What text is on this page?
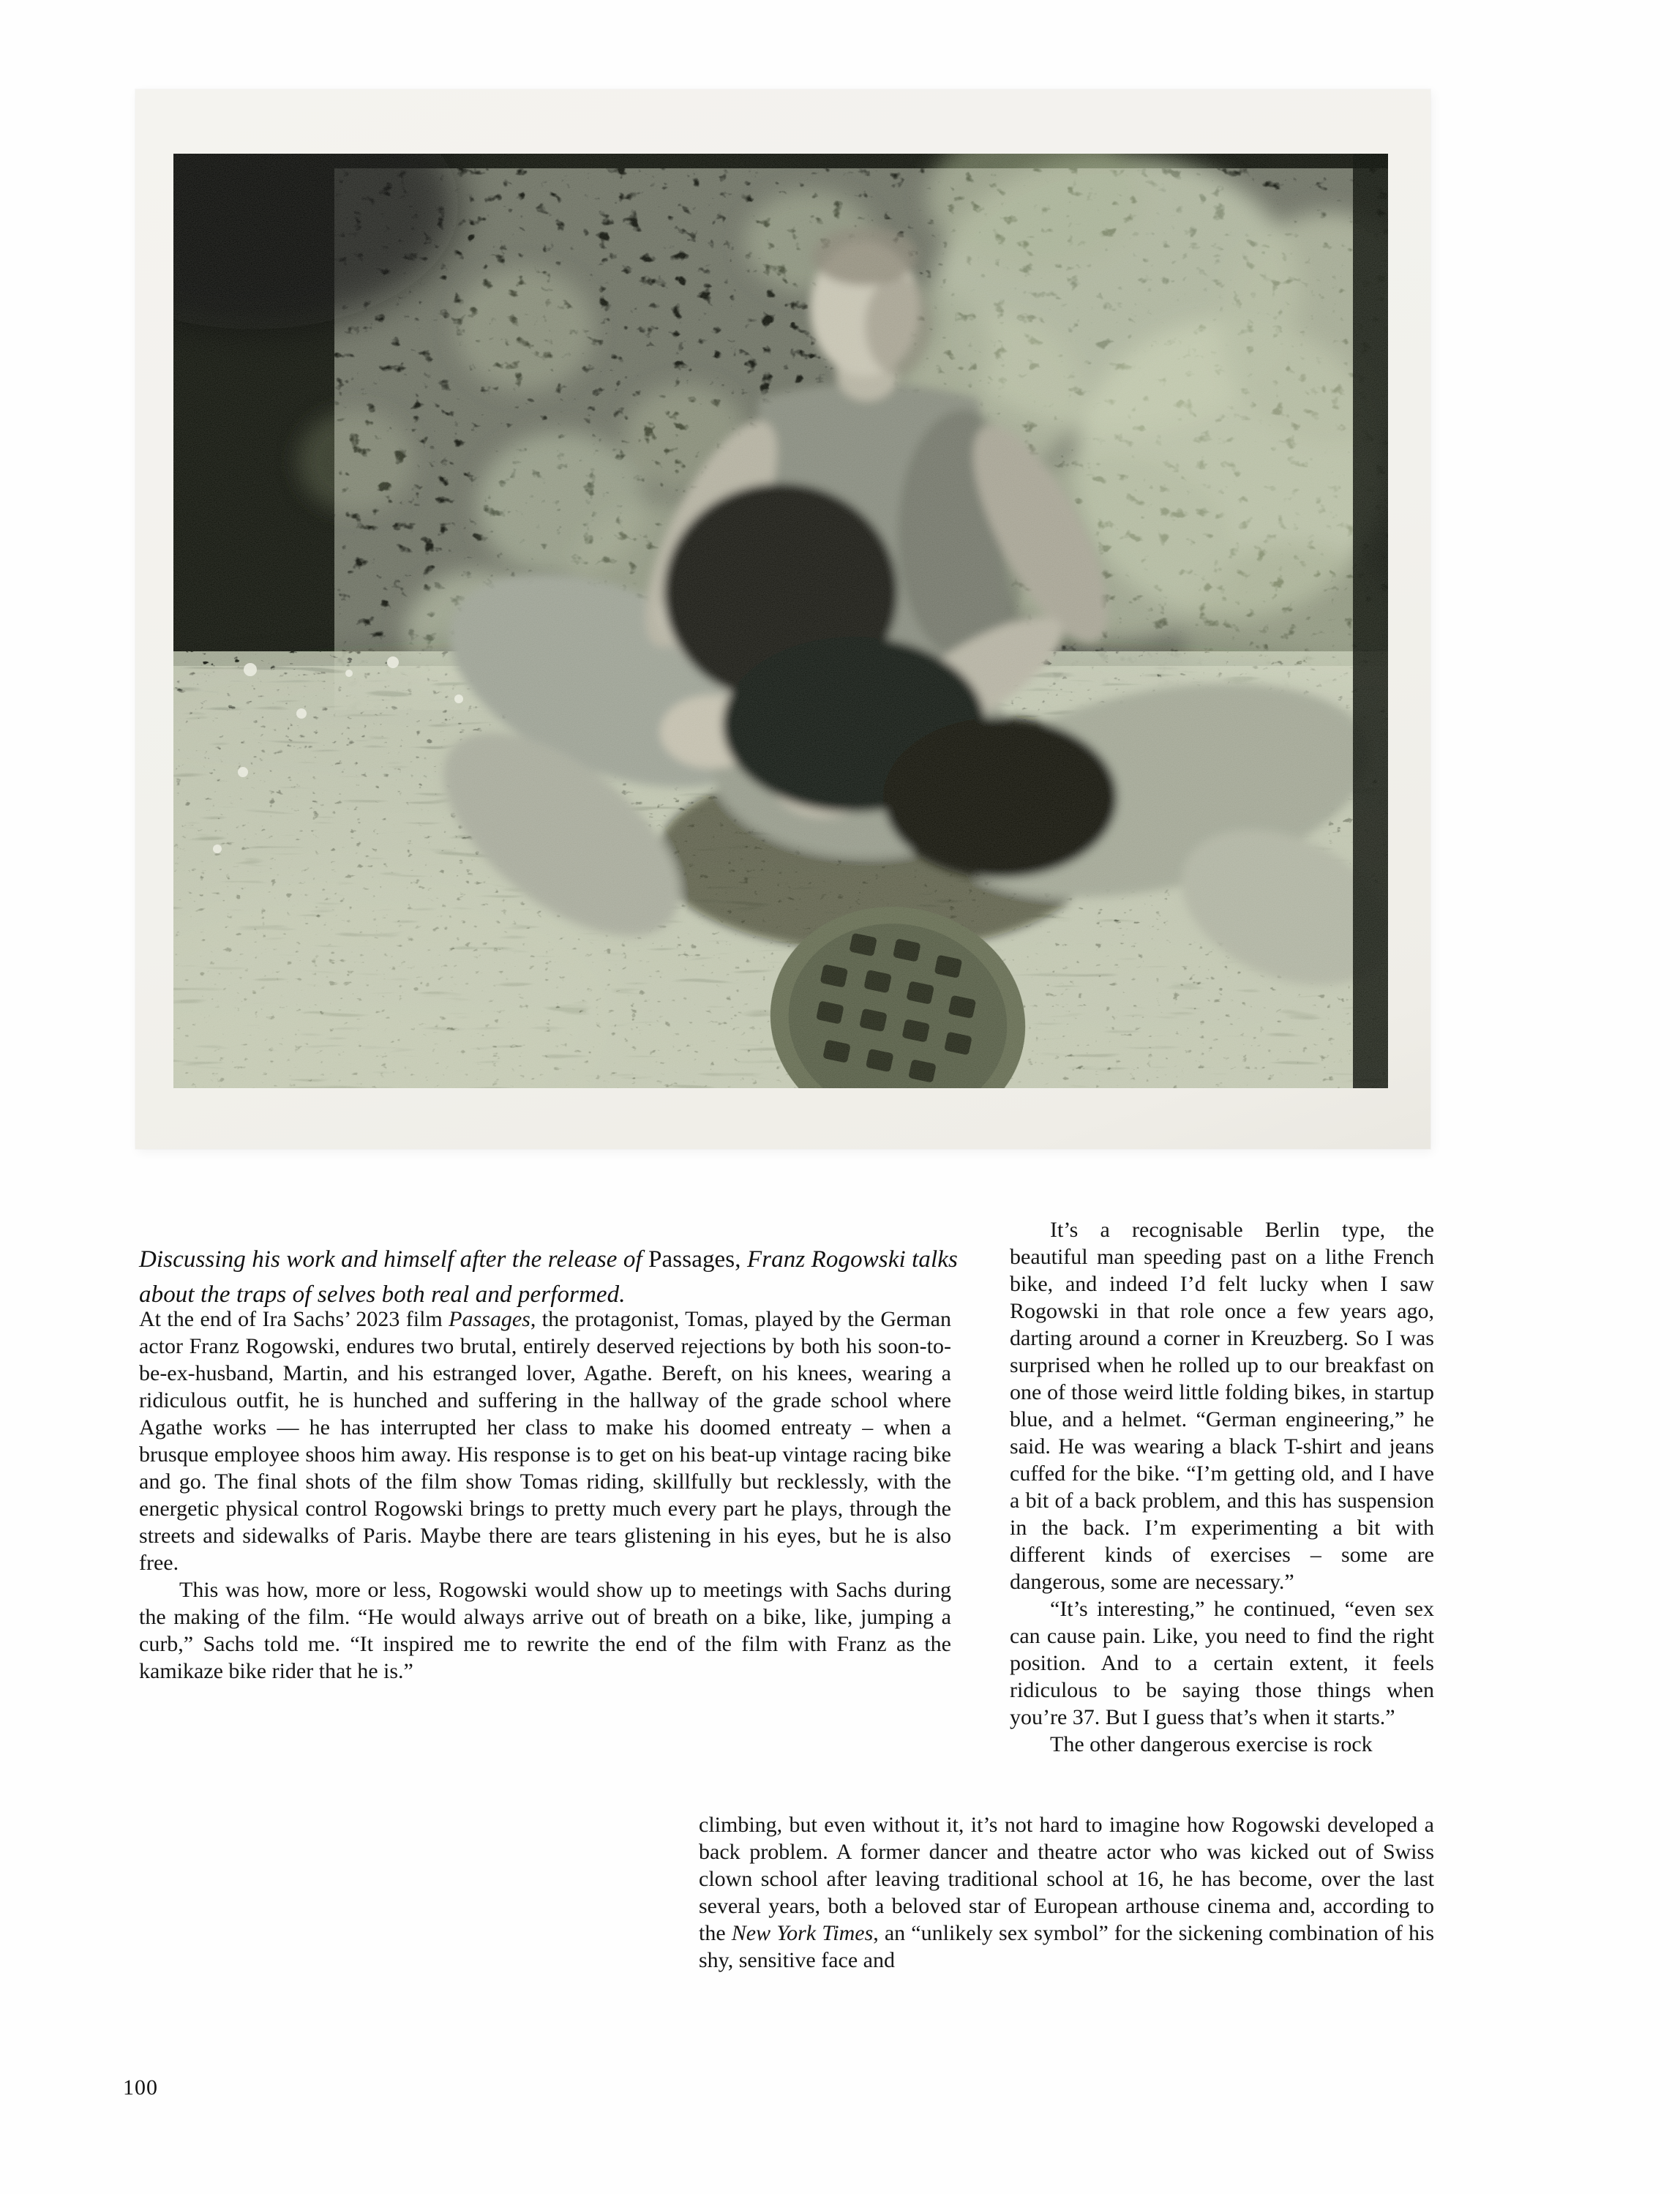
Discussing his work and himself after the release of Passages, Franz Rogowski talks about the traps of selves both real and performed.

At the end of Ira Sachs’ 2023 film Passages, the protagonist, Tomas, played by the German actor Franz Rogowski, endures two brutal, entirely deserved rejections by both his soon-to-be-ex-husband, Martin, and his estranged lover, Agathe. Bereft, on his knees, wearing a ridiculous outfit, he is hunched and suffering in the hallway of the grade school where Agathe works — he has interrupted her class to make his doomed entreaty – when a brusque employee shoos him away. His response is to get on his beat-up vintage racing bike and go. The final shots of the film show Tomas riding, skillfully but recklessly, with the energetic physical control Rogowski brings to pretty much every part he plays, through the streets and sidewalks of Paris. Maybe there are tears glistening in his eyes, but he is also free.

This was how, more or less, Rogowski would show up to meetings with Sachs during the making of the film. “He would always arrive out of breath on a bike, like, jumping a curb,” Sachs told me. “It inspired me to rewrite the end of the film with Franz as the kamikaze bike rider that he is.”

It’s a recognisable Berlin type, the beautiful man speeding past on a lithe French bike, and indeed I’d felt lucky when I saw Rogowski in that role once a few years ago, darting around a corner in Kreuzberg. So I was surprised when he rolled up to our breakfast on one of those weird little folding bikes, in startup blue, and a helmet. “German engineering,” he said. He was wearing a black T-shirt and jeans cuffed for the bike. “I’m getting old, and I have a bit of a back problem, and this has suspension in the back. I’m experimenting a bit with different kinds of exercises – some are dangerous, some are necessary.”

“It’s interesting,” he continued, “even sex can cause pain. Like, you need to find the right position. And to a certain extent, it feels ridiculous to be saying those things when you’re 37. But I guess that’s when it starts.”

The other dangerous exercise is rock

climbing, but even without it, it’s not hard to imagine how Rogowski developed a back problem. A former dancer and theatre actor who was kicked out of Swiss clown school after leaving traditional school at 16, he has become, over the last several years, both a beloved star of European arthouse cinema and, according to the New York Times, an “unlikely sex symbol” for the sickening combination of his shy, sensitive face and

100
